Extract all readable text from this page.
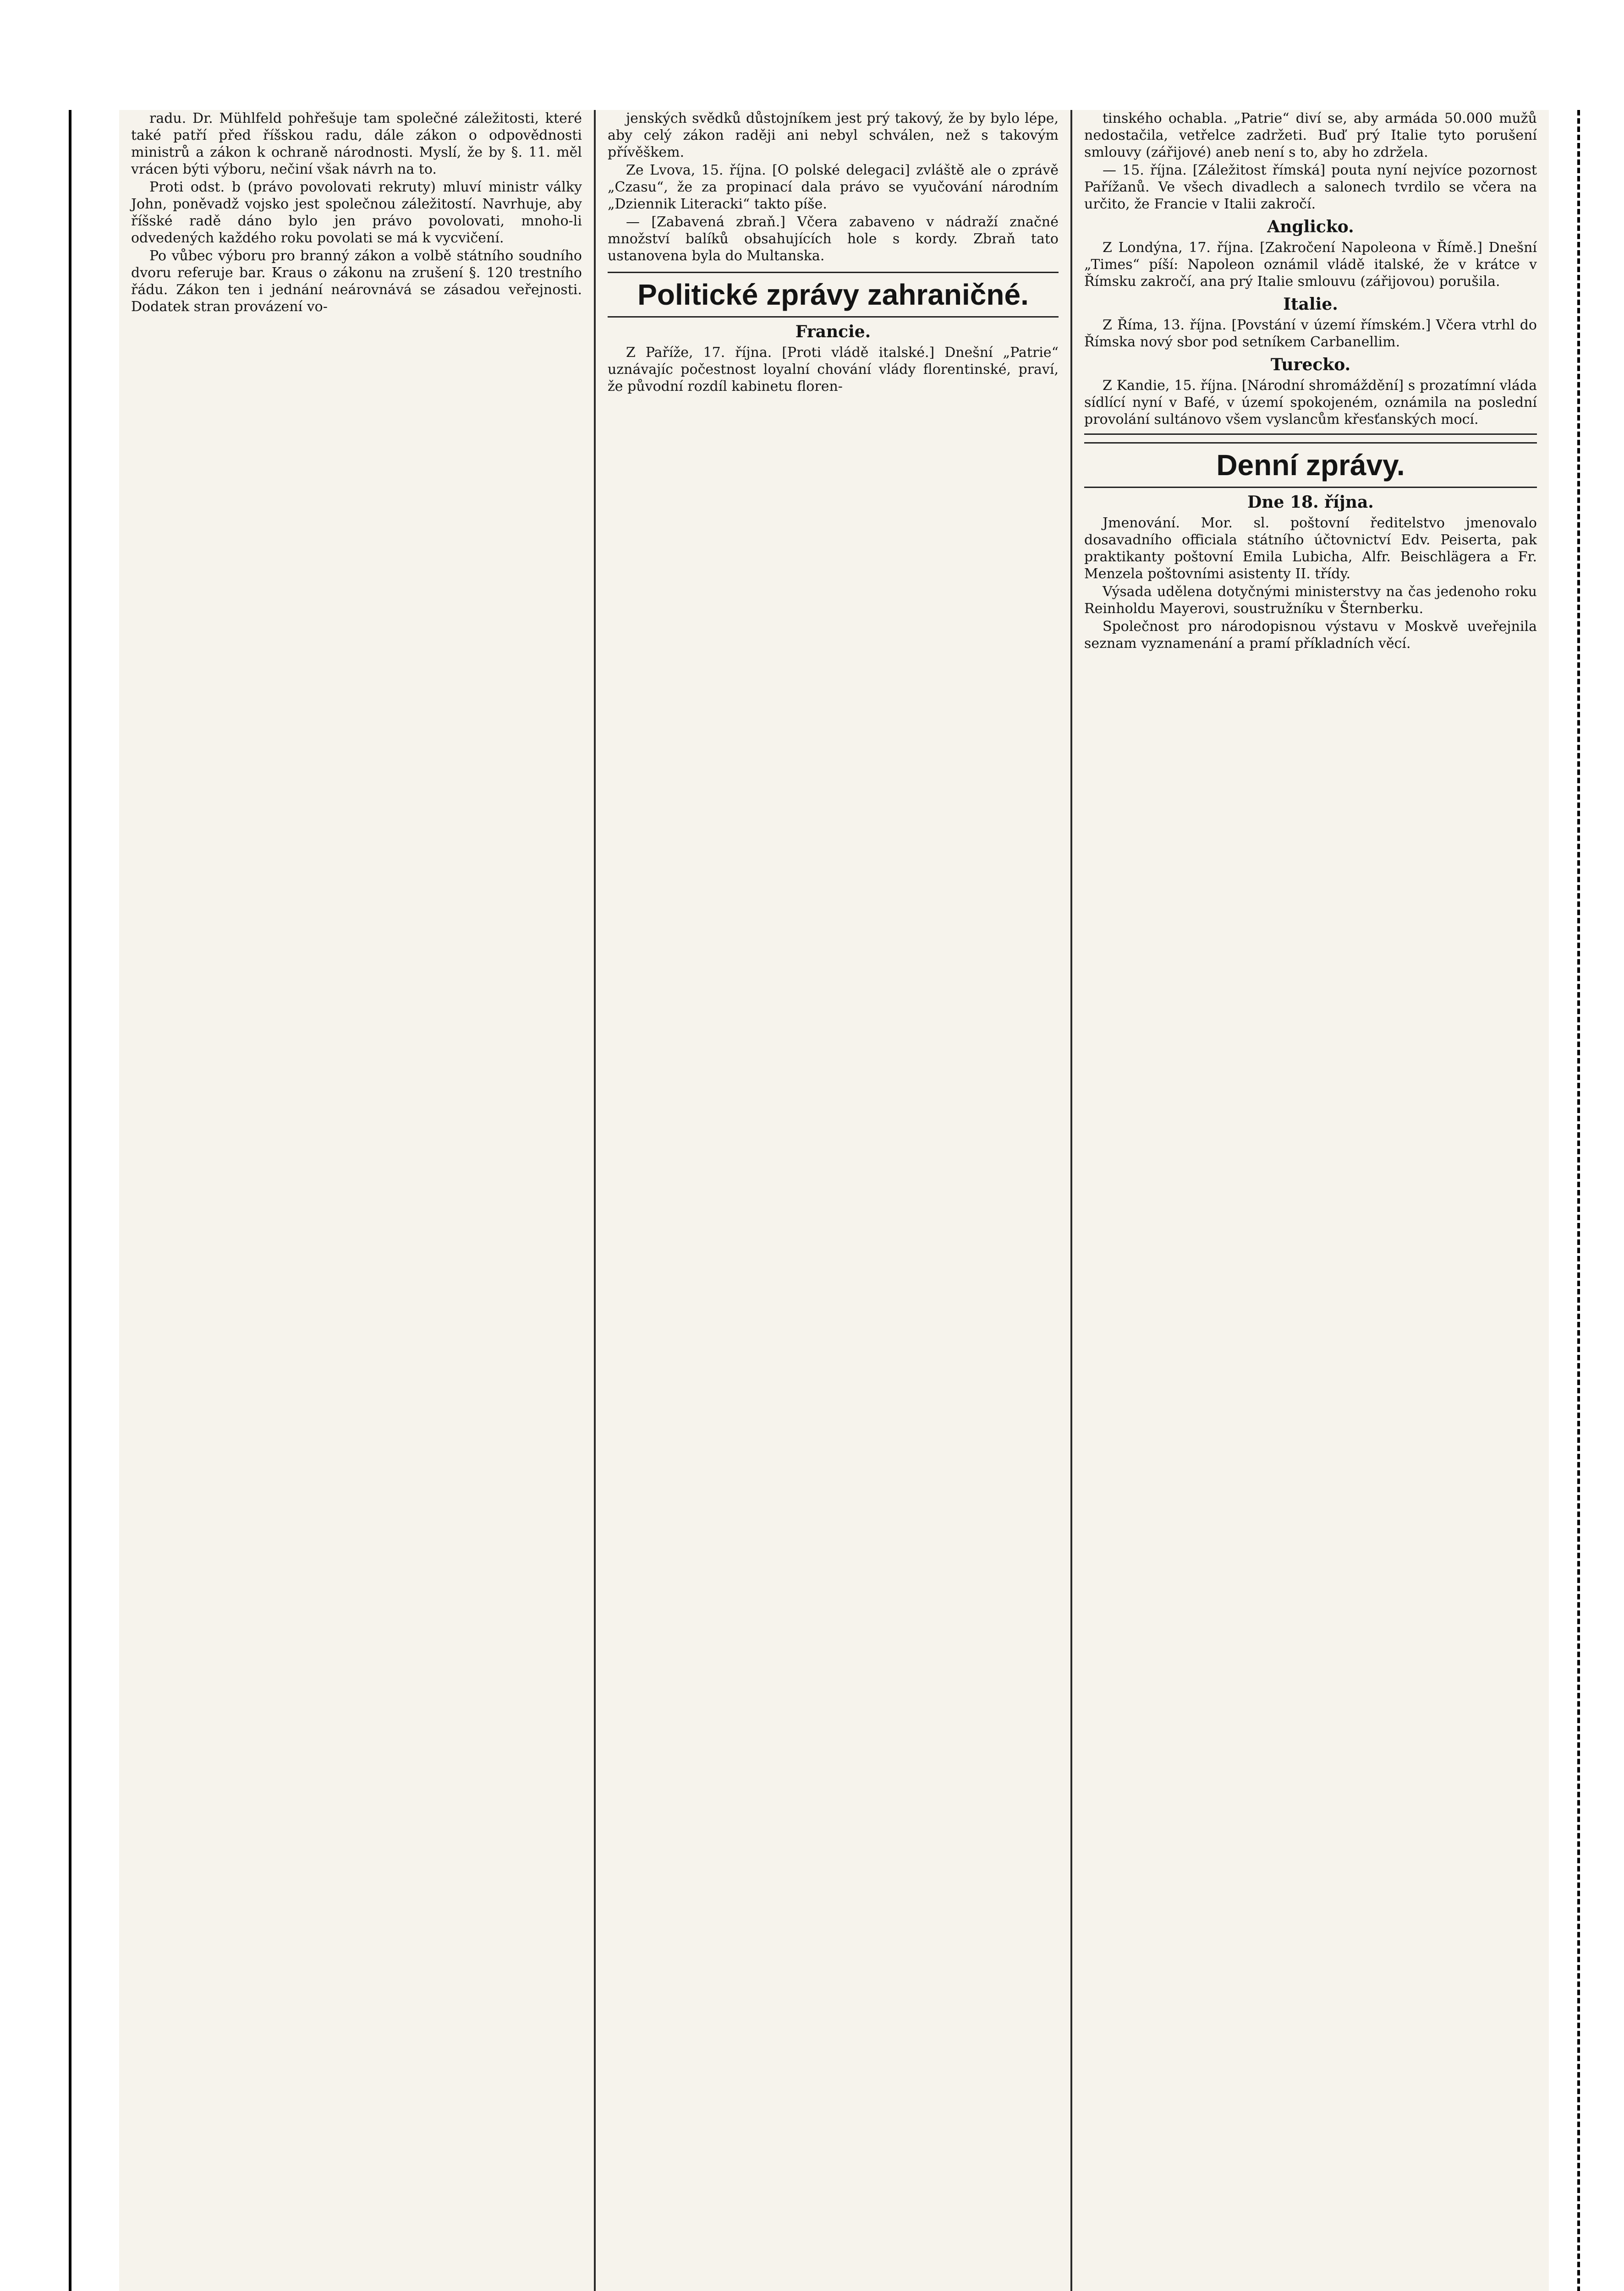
radu. Dr. Mühlfeld pohřešuje tam společné záležitosti, které také patří před říšskou radu, dále zákon o odpovědnosti ministrů a zákon k ochraně národnosti. Myslí, že by §. 11. měl vrácen býti výboru, nečiní však návrh na to.

Proti odst. b (právo povolovati rekruty) mluví ministr války John, poněvadž vojsko jest společnou záležitostí. Navrhuje, aby říšské radě dáno bylo jen právo povolovati, mnoho-li odvedených každého roku povolati se má k vycvičení.

Po vůbec výboru pro branný zákon a volbě státního soudního dvoru referuje bar. Kraus o zákonu na zrušení §. 120 trestního řádu. Zákon ten i jednání neárovnává se zásadou veřejnosti. Dodatek stran provázení vo-

jenských svědků důstojníkem jest prý takový, že by bylo lépe, aby celý zákon raději ani nebyl schválen, než s takovým přívěškem.

Ze Lvova, 15. října. [O polské delegaci] zvláště ale o zprávě „Czasu“, že za propinací dala právo se vyučování národním „Dziennik Literacki“ takto píše.

— [Zabavená zbraň.] Včera zabaveno v nádraží značné množství balíků obsahujících hole s kordy. Zbraň tato ustanovena byla do Multanska.

Politické zprávy zahraničné.
Francie.

Z Paříže, 17. října. [Proti vládě italské.] Dnešní „Patrie“ uznávajíc počestnost loyalní chování vlády florentinské, praví, že původní rozdíl kabinetu floren-

tinského ochabla. „Patrie“ diví se, aby armáda 50.000 mužů nedostačila, vetřelce zadržeti. Buď prý Italie tyto porušení smlouvy (zářijové) aneb není s to, aby ho zdržela.

— 15. října. [Záležitost římská] pouta nyní nejvíce pozornost Pařížanů. Ve všech divadlech a salonech tvrdilo se včera na určito, že Francie v Italii zakročí.

Anglicko.

Z Londýna, 17. října. [Zakročení Napoleona v Římě.] Dnešní „Times“ píší: Napoleon oznámil vládě italské, že v krátce v Římsku zakročí, ana prý Italie smlouvu (zářijovou) porušila.

Italie.

Z Říma, 13. října. [Povstání v území římském.] Včera vtrhl do Římska nový sbor pod setníkem Carbanellim.

Turecko.

Z Kandie, 15. října. [Národní shromáždění] s prozatímní vláda sídlící nyní v Bafé, v území spokojeném, oznámila na poslední provolání sultánovo všem vyslancům křesťanských mocí.

Denní zprávy.
Dne 18. října.

Jmenování. Mor. sl. poštovní ředitelstvo jmenovalo dosavadního officiala státního účtovnictví Edv. Peiserta, pak praktikanty poštovní Emila Lubicha, Alfr. Beischlägera a Fr. Menzela poštovními asistenty II. třídy.

Výsada udělena dotyčnými ministerstvy na čas jedenoho roku Reinholdu Mayerovi, soustružníku v Šternberku.

Společnost pro národopisnou výstavu v Moskvě uveřejnila seznam vyznamenání a pramí příkladních věcí.
